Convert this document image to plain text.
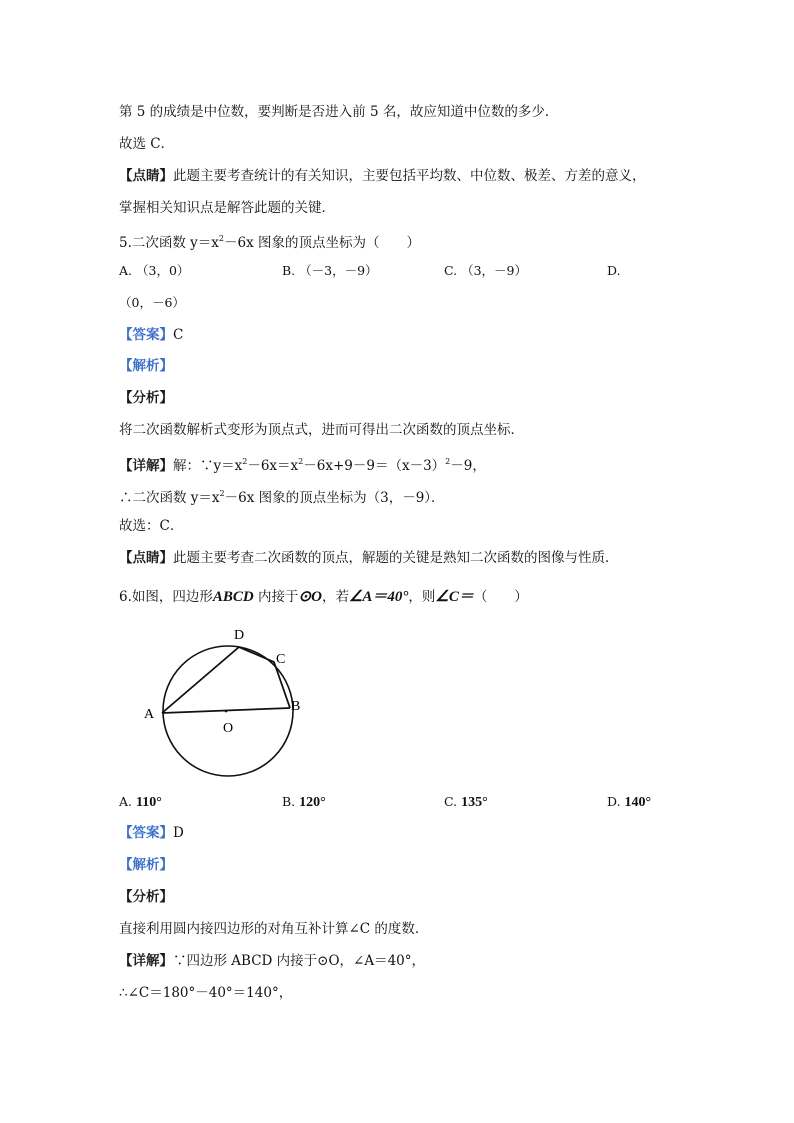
第 5 的成绩是中位数，要判断是否进入前 5 名，故应知道中位数的多少．
故选 C．
【点睛】此题主要考查统计的有关知识，主要包括平均数、中位数、极差、方差的意义，
掌握相关知识点是解答此题的关键．
5.二次函数 $y=x^2-6x$ 图象的顶点坐标为（　　）
A. （3，0）	B. （－3，－9）	C. （3，－9）	D.
（0，－6）
【答案】C
【解析】
【分析】
将二次函数解析式变形为顶点式，进而可得出二次函数的顶点坐标．
【详解】解：$\because y=x^2-6x=x^2-6x+9-9=(x-3)^2-9$，
∴二次函数 $y=x^2-6x$ 图象的顶点坐标为（3，－9）．
故选：C．
【点睛】此题主要考查二次函数的顶点，解题的关键是熟知二次函数的图像与性质．
6.如图，四边形ABCD 内接于⊙O，若∠A＝40°，则∠C＝（　　）
A
B
C
D
O
A. 110°	B. 120°	C. 135°	D. 140°
【答案】D
【解析】
【分析】
直接利用圆内接四边形的对角互补计算∠C 的度数．
【详解】∵四边形 ABCD 内接于⊙O，∠A＝40°，
∴∠C＝180°－40°＝140°，
